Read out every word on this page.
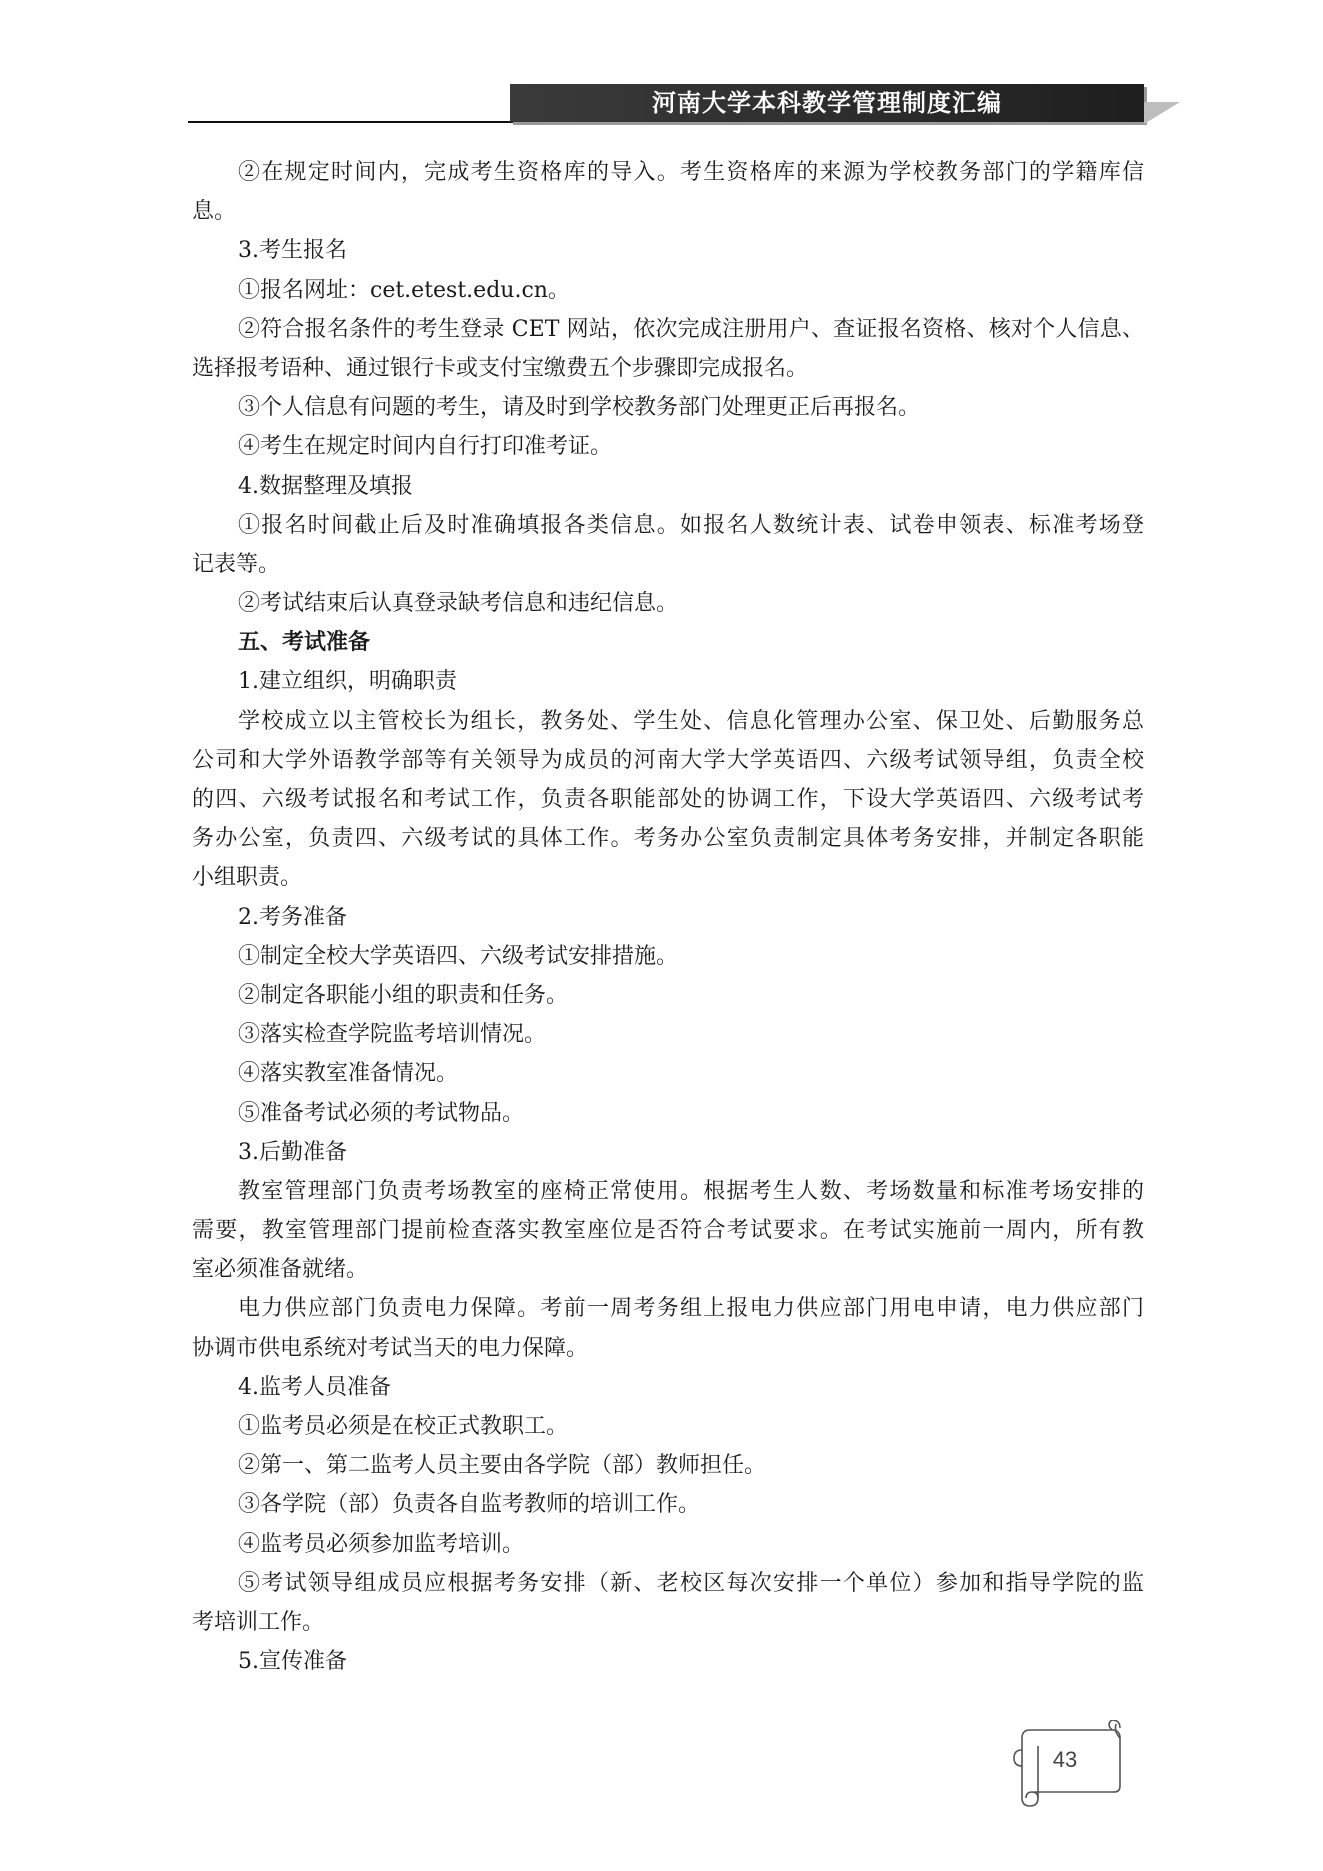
河南大学本科教学管理制度汇编
②在规定时间内，完成考生资格库的导入。考生资格库的来源为学校教务部门的学籍库信
息。
3.考生报名
①报名网址：cet.etest.edu.cn。
②符合报名条件的考生登录 CET 网站，依次完成注册用户、查证报名资格、核对个人信息、
选择报考语种、通过银行卡或支付宝缴费五个步骤即完成报名。
③个人信息有问题的考生，请及时到学校教务部门处理更正后再报名。
④考生在规定时间内自行打印准考证。
4.数据整理及填报
①报名时间截止后及时准确填报各类信息。如报名人数统计表、试卷申领表、标准考场登
记表等。
②考试结束后认真登录缺考信息和违纪信息。
五、考试准备
1.建立组织，明确职责
学校成立以主管校长为组长，教务处、学生处、信息化管理办公室、保卫处、后勤服务总
公司和大学外语教学部等有关领导为成员的河南大学大学英语四、六级考试领导组，负责全校
的四、六级考试报名和考试工作，负责各职能部处的协调工作，下设大学英语四、六级考试考
务办公室，负责四、六级考试的具体工作。考务办公室负责制定具体考务安排，并制定各职能
小组职责。
2.考务准备
①制定全校大学英语四、六级考试安排措施。
②制定各职能小组的职责和任务。
③落实检查学院监考培训情况。
④落实教室准备情况。
⑤准备考试必须的考试物品。
3.后勤准备
教室管理部门负责考场教室的座椅正常使用。根据考生人数、考场数量和标准考场安排的
需要，教室管理部门提前检查落实教室座位是否符合考试要求。在考试实施前一周内，所有教
室必须准备就绪。
电力供应部门负责电力保障。考前一周考务组上报电力供应部门用电申请，电力供应部门
协调市供电系统对考试当天的电力保障。
4.监考人员准备
①监考员必须是在校正式教职工。
②第一、第二监考人员主要由各学院（部）教师担任。
③各学院（部）负责各自监考教师的培训工作。
④监考员必须参加监考培训。
⑤考试领导组成员应根据考务安排（新、老校区每次安排一个单位）参加和指导学院的监
考培训工作。
5.宣传准备
43
